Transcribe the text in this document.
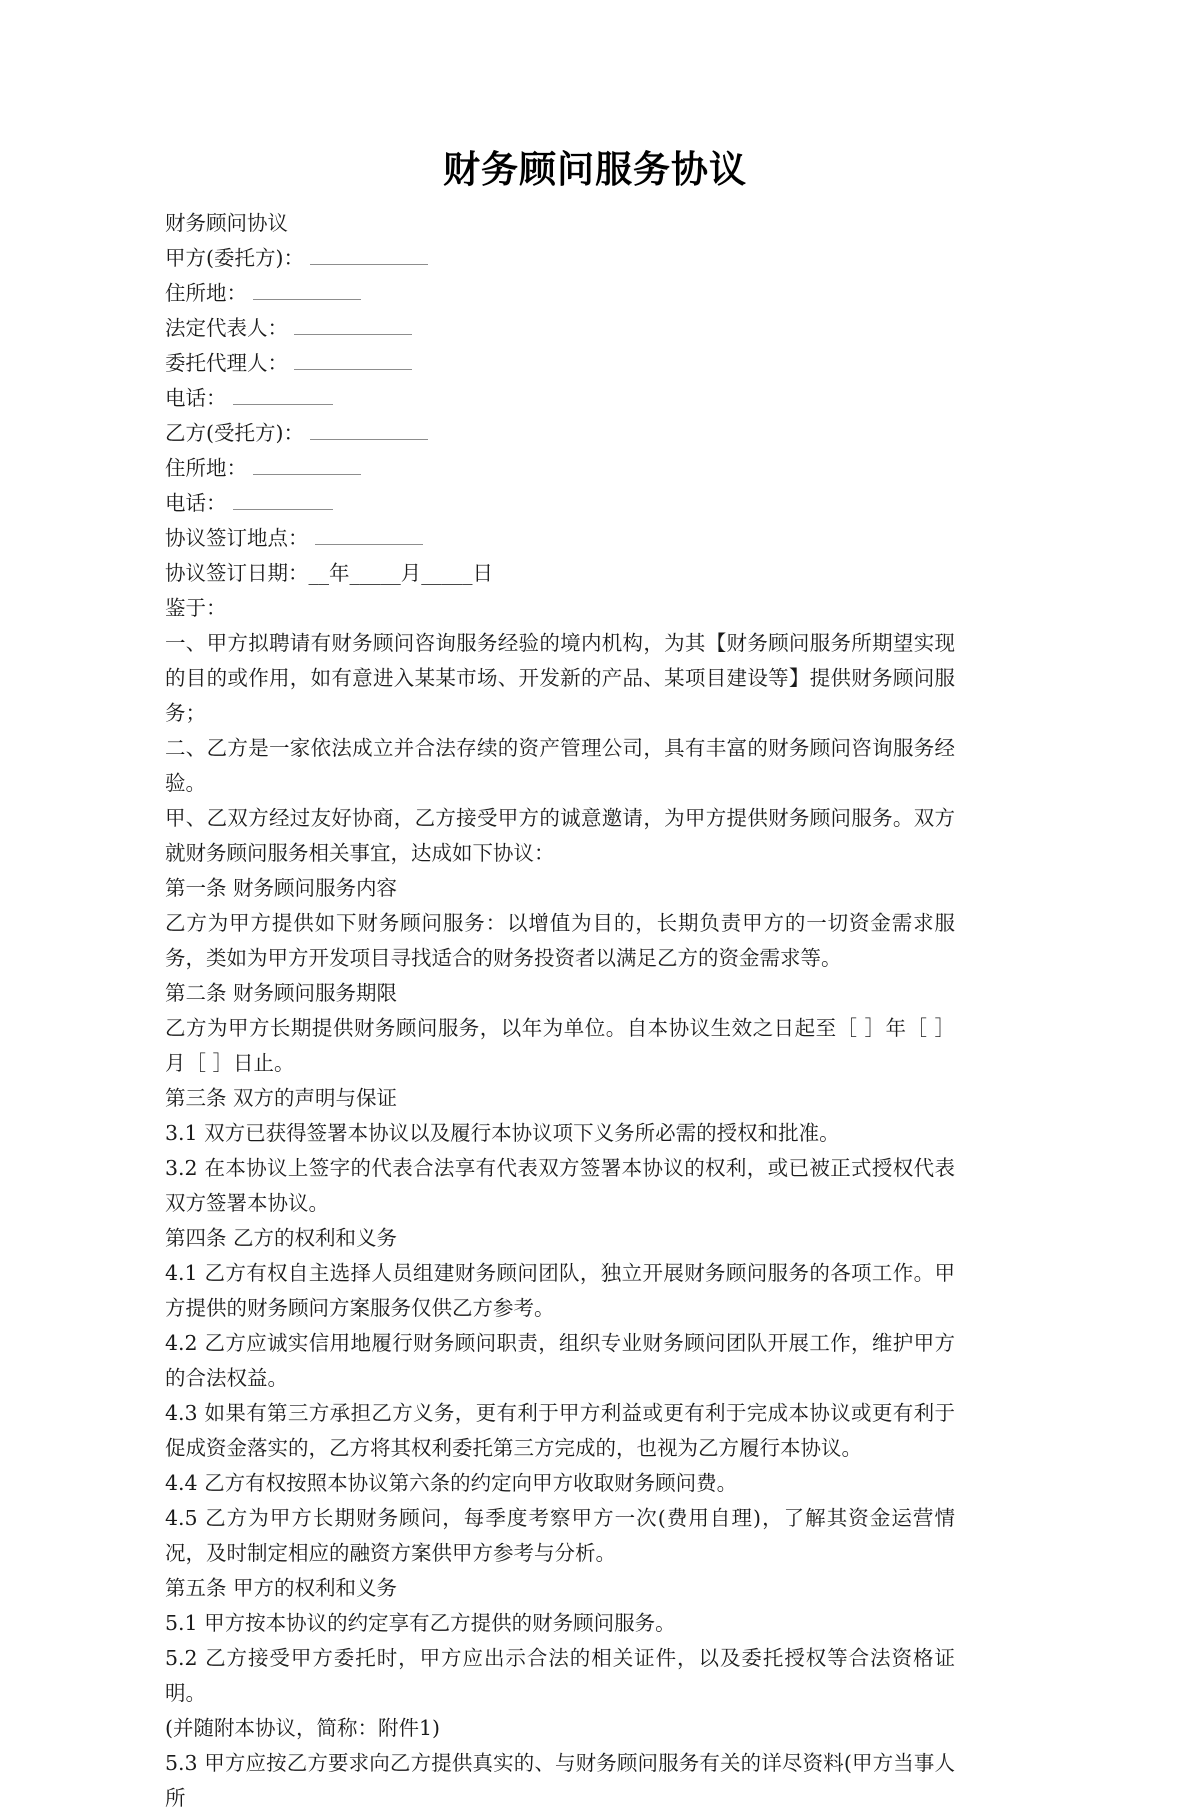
财务顾问服务协议
财务顾问协议
甲方(委托方)：
住所地：
法定代表人：
委托代理人：
电话：
乙方(受托方)：
住所地：
电话：
协议签订地点：
协议签订日期：__年_____月_____日
鉴于：
一、甲方拟聘请有财务顾问咨询服务经验的境内机构，为其【财务顾问服务所期望实现的目的或作用，如有意进入某某市场、开发新的产品、某项目建设等】提供财务顾问服务；
二、乙方是一家依法成立并合法存续的资产管理公司，具有丰富的财务顾问咨询服务经验。
甲、乙双方经过友好协商，乙方接受甲方的诚意邀请，为甲方提供财务顾问服务。双方就财务顾问服务相关事宜，达成如下协议：
第一条 财务顾问服务内容
乙方为甲方提供如下财务顾问服务：以增值为目的，长期负责甲方的一切资金需求服务，类如为甲方开发项目寻找适合的财务投资者以满足乙方的资金需求等。
第二条 财务顾问服务期限
乙方为甲方长期提供财务顾问服务，以年为单位。自本协议生效之日起至［ ］年［ ］ 月［ ］日止。
第三条 双方的声明与保证
3.1 双方已获得签署本协议以及履行本协议项下义务所必需的授权和批准。
3.2 在本协议上签字的代表合法享有代表双方签署本协议的权利，或已被正式授权代表双方签署本协议。
第四条 乙方的权利和义务
4.1 乙方有权自主选择人员组建财务顾问团队，独立开展财务顾问服务的各项工作。甲方提供的财务顾问方案服务仅供乙方参考。
4.2 乙方应诚实信用地履行财务顾问职责，组织专业财务顾问团队开展工作，维护甲方的合法权益。
4.3 如果有第三方承担乙方义务，更有利于甲方利益或更有利于完成本协议或更有利于促成资金落实的，乙方将其权利委托第三方完成的，也视为乙方履行本协议。
4.4 乙方有权按照本协议第六条的约定向甲方收取财务顾问费。
4.5 乙方为甲方长期财务顾问，每季度考察甲方一次(费用自理)，了解其资金运营情况，及时制定相应的融资方案供甲方参考与分析。
第五条 甲方的权利和义务
5.1 甲方按本协议的约定享有乙方提供的财务顾问服务。
5.2 乙方接受甲方委托时，甲方应出示合法的相关证件，以及委托授权等合法资格证明。
(并随附本协议，简称：附件1)
5.3 甲方应按乙方要求向乙方提供真实的、与财务顾问服务有关的详尽资料(甲方当事人所
